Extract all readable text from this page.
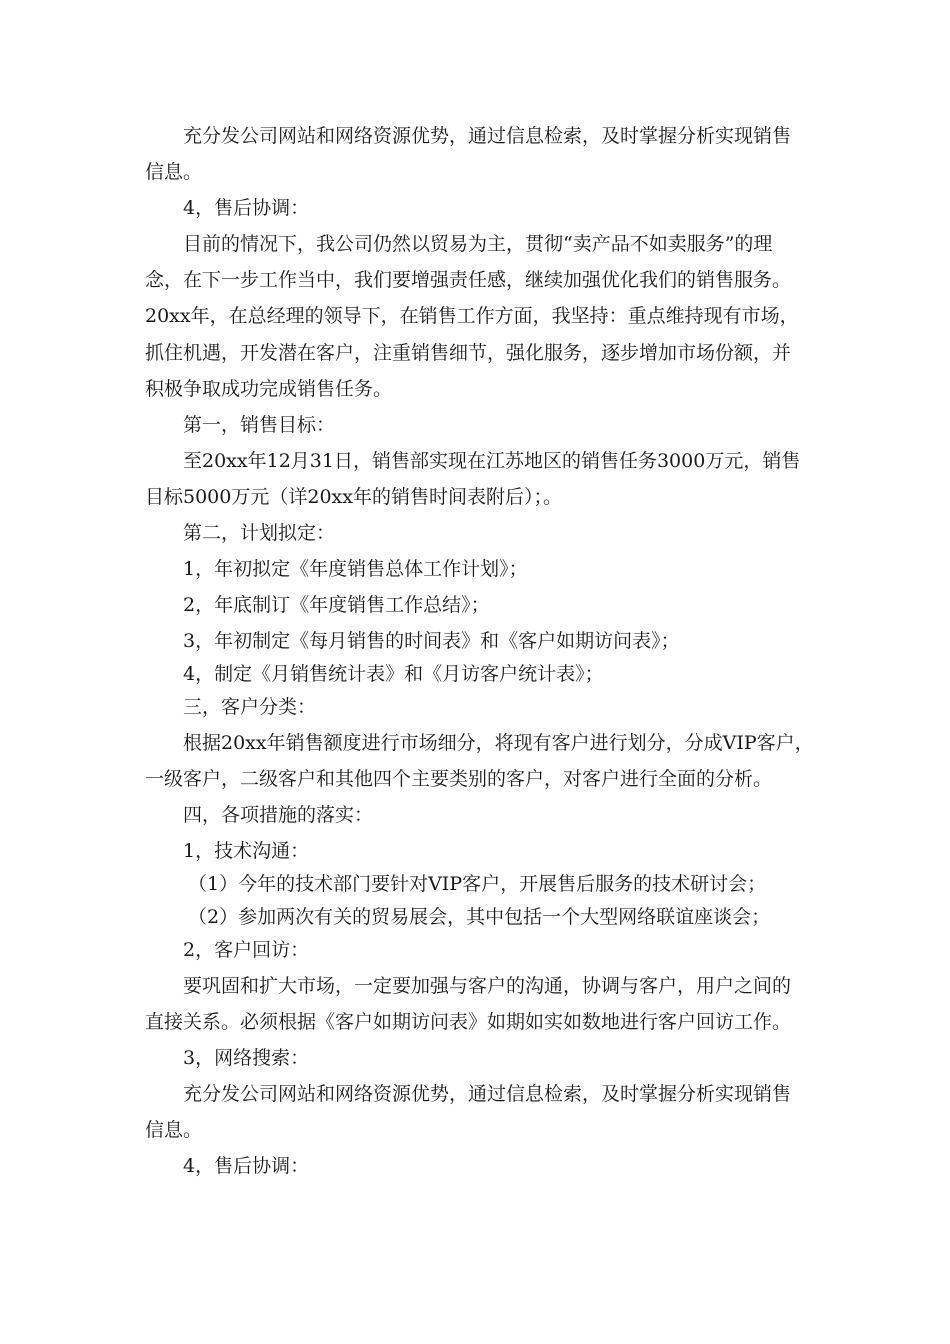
充分发公司网站和网络资源优势，通过信息检索，及时掌握分析实现销售
信息。
4，售后协调：
目前的情况下，我公司仍然以贸易为主，贯彻“卖产品不如卖服务”的理
念，在下一步工作当中，我们要增强责任感，继续加强优化我们的销售服务。
20xx年，在总经理的领导下，在销售工作方面，我坚持：重点维持现有市场，
抓住机遇，开发潜在客户，注重销售细节，强化服务，逐步增加市场份额，并
积极争取成功完成销售任务。
第一，销售目标：
至20xx年12月31日，销售部实现在江苏地区的销售任务3000万元，销售
目标5000万元（详20xx年的销售时间表附后）；。
第二，计划拟定：
1，年初拟定《年度销售总体工作计划》；
2，年底制订《年度销售工作总结》；
3，年初制定《每月销售的时间表》和《客户如期访问表》；
4，制定《月销售统计表》和《月访客户统计表》；
三，客户分类：
根据20xx年销售额度进行市场细分，将现有客户进行划分，分成VIP客户，
一级客户，二级客户和其他四个主要类别的客户，对客户进行全面的分析。
四，各项措施的落实：
1，技术沟通：
（1）今年的技术部门要针对VIP客户，开展售后服务的技术研讨会；
（2）参加两次有关的贸易展会，其中包括一个大型网络联谊座谈会；
2，客户回访：
要巩固和扩大市场，一定要加强与客户的沟通，协调与客户，用户之间的
直接关系。必须根据《客户如期访问表》如期如实如数地进行客户回访工作。
3，网络搜索：
充分发公司网站和网络资源优势，通过信息检索，及时掌握分析实现销售
信息。
4，售后协调：
